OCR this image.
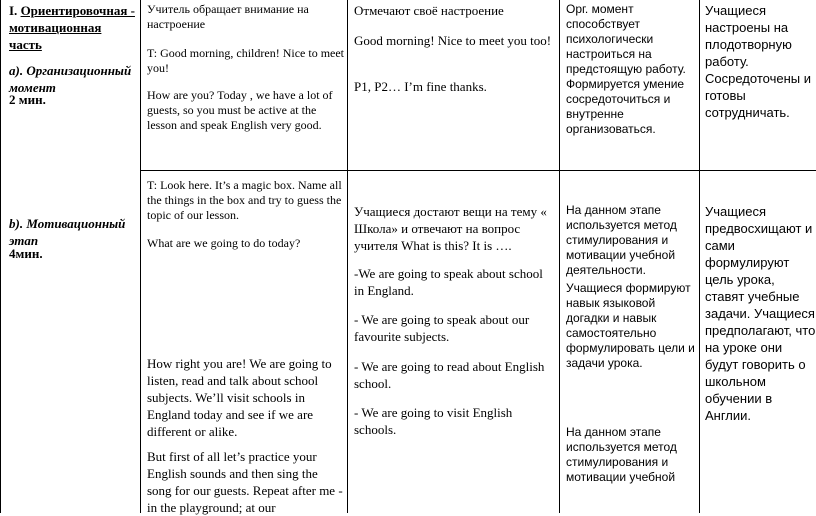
I. Ориентировочная - мотивационная часть
a). Организационный момент
2 мин.
b). Мотивационный этап
4мин.
Учитель обращает внимание на настроение
T: Good morning, children! Nice to meet you!
How are you? Today , we have a lot of guests, so you must be active at the lesson and speak English very good.
T: Look here. It’s a magic box. Name all the things in the box and try to guess the topic of our lesson.
What are we going to do today?
How right you are! We are going to listen, read and talk about school subjects. We’ll visit schools in England today and see if we are different or alike.
But first of all let’s practice your English sounds and then sing the song for our guests. Repeat after me - in the playground; at our
Отмечают своё настроение
Good morning! Nice to meet you too!
P1, P2… I’m fine thanks.
Учащиеся достают вещи на тему « Школа» и отвечают на вопрос учителя What is this? It is ….
-We are going to speak about school in England.
- We are going to speak about our favourite subjects.
- We are going to read about English school.
- We are going to visit English schools.
Орг. момент способствует психологически настроиться на предстоящую работу. Формируется умение сосредоточиться и внутренне организоваться.
На данном этапе используется метод стимулирования и мотивации учебной деятельности.
Учащиеся формируют навык языковой догадки и навык самостоятельно формулировать цели и задачи урока.
На данном этапе используется метод стимулирования и мотивации учебной
Учащиеся настроены на плодотворную работу. Сосредоточены и готовы сотрудничать.
Учащиеся предвосхищают и сами формулируют цель урока, ставят учебные задачи. Учащиеся предполагают, что на уроке они будут говорить о школьном обучении в Англии.
